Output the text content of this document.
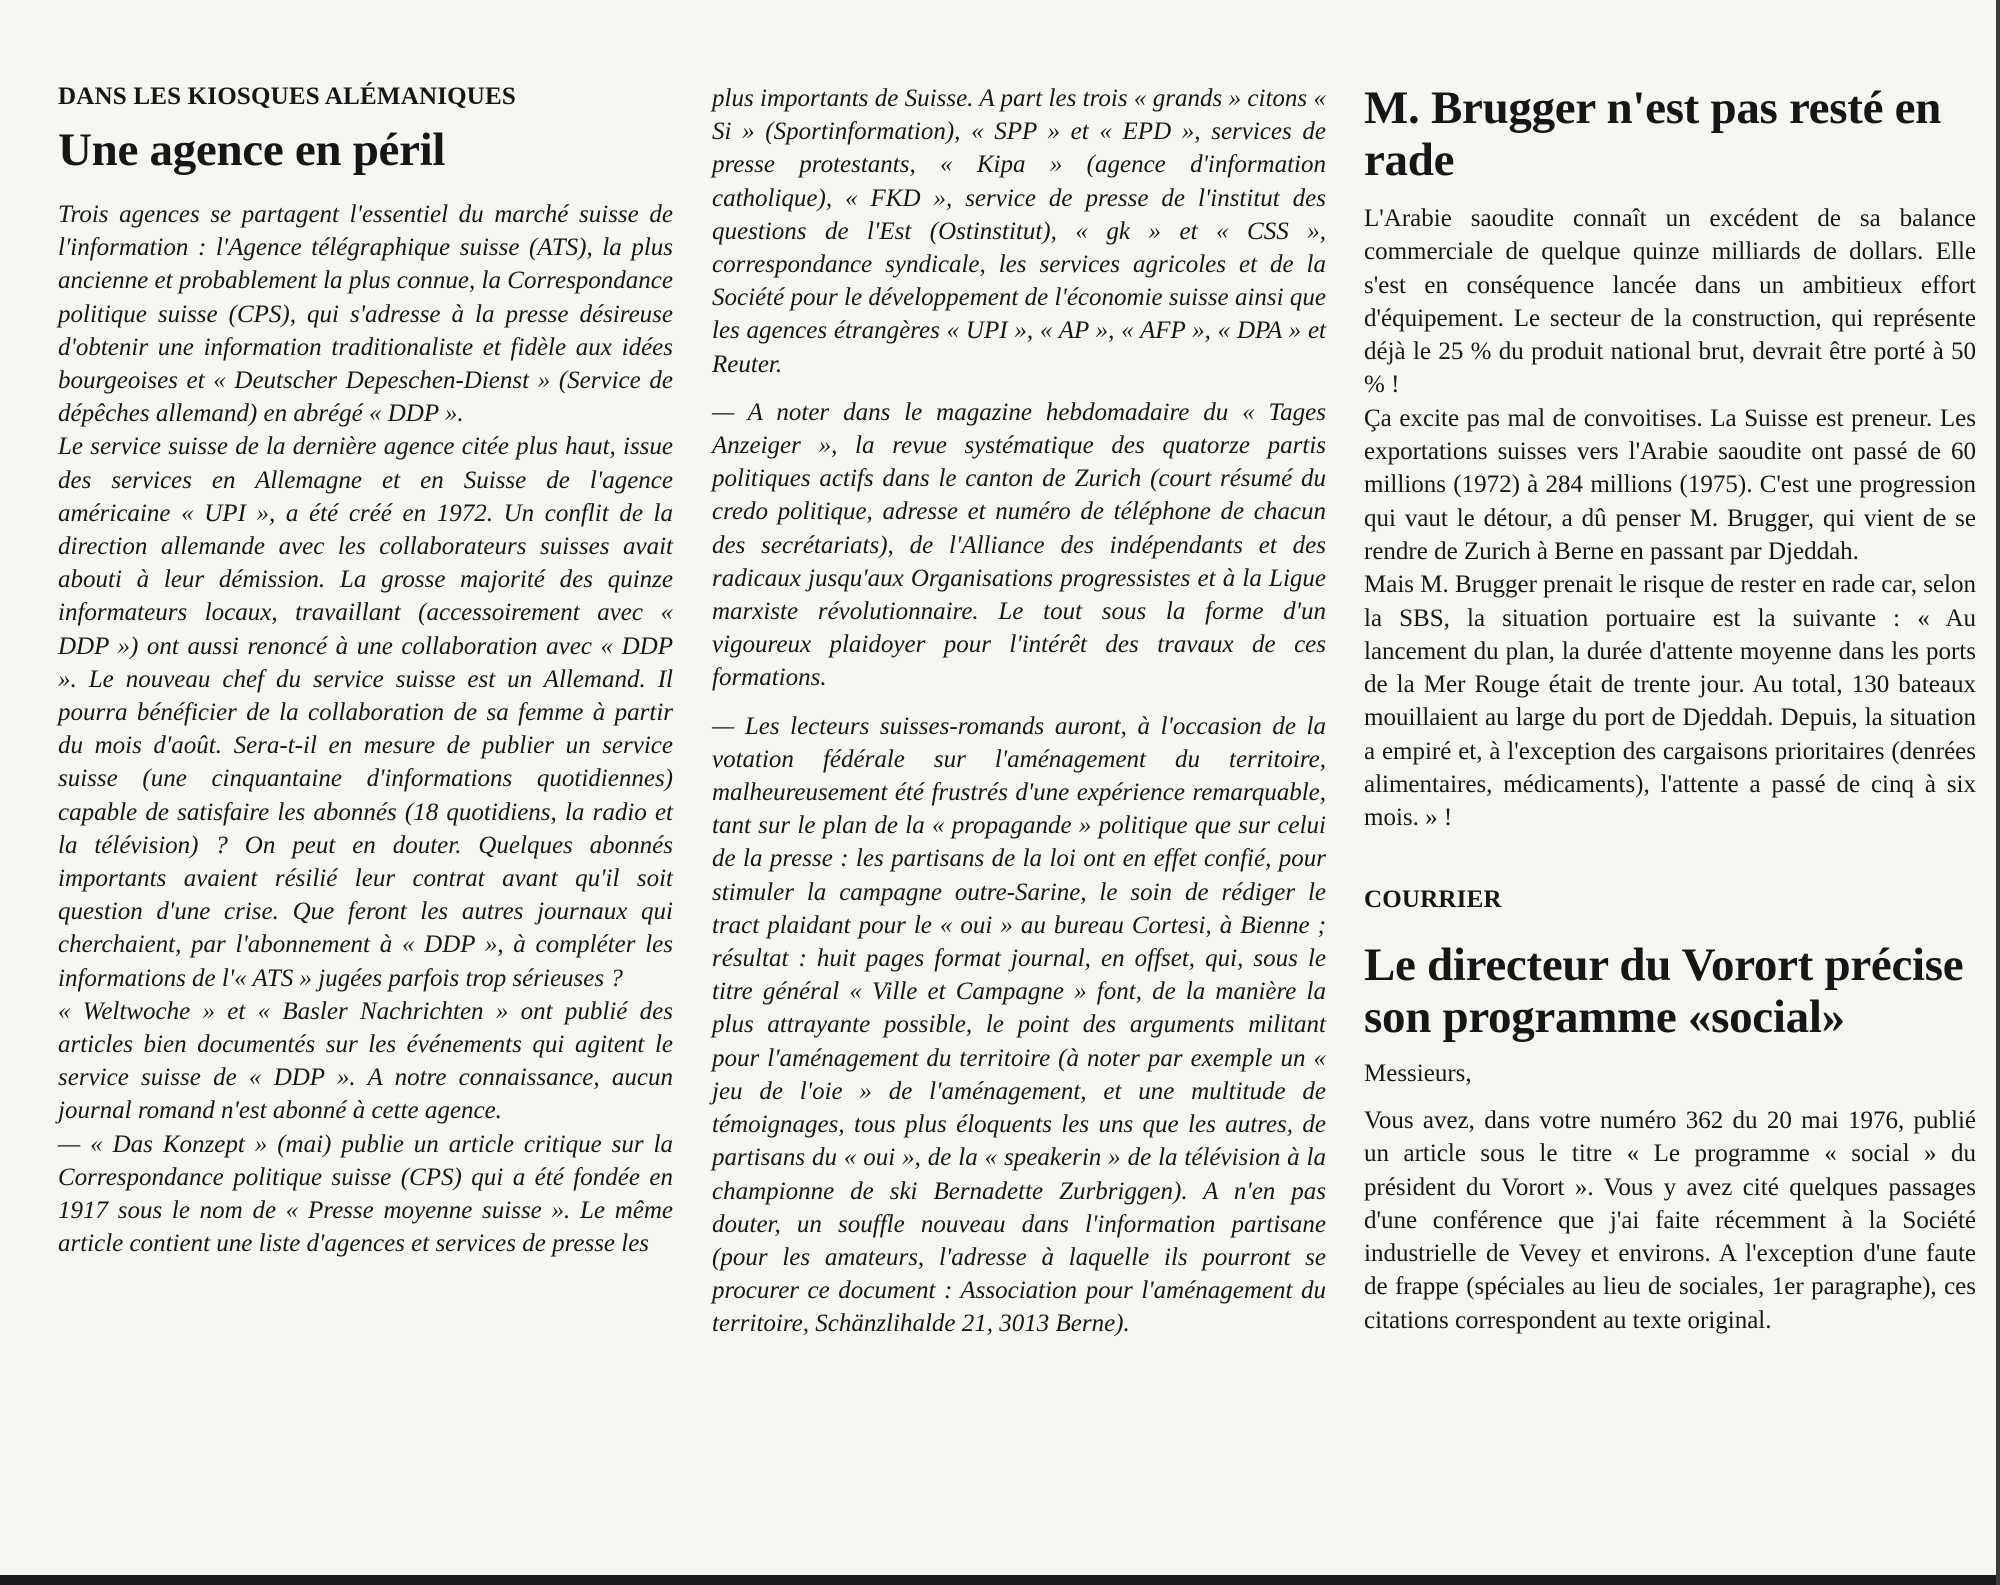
DANS LES KIOSQUES ALÉMANIQUES
Une agence en péril

Trois agences se partagent l'essentiel du marché suisse de l'information : l'Agence télégraphique suisse (ATS), la plus ancienne et probablement la plus connue, la Correspondance politique suisse (CPS), qui s'adresse à la presse désireuse d'obtenir une information traditionaliste et fidèle aux idées bourgeoises et « Deutscher Depeschen-Dienst » (Service de dépêches allemand) en abrégé « DDP ».

Le service suisse de la dernière agence citée plus haut, issue des services en Allemagne et en Suisse de l'agence américaine « UPI », a été créé en 1972. Un conflit de la direction allemande avec les collaborateurs suisses avait abouti à leur démission. La grosse majorité des quinze informateurs locaux, travaillant (accessoirement avec « DDP ») ont aussi renoncé à une collaboration avec « DDP ». Le nouveau chef du service suisse est un Allemand. Il pourra bénéficier de la collaboration de sa femme à partir du mois d'août. Sera-t-il en mesure de publier un service suisse (une cinquantaine d'informations quotidiennes) capable de satisfaire les abonnés (18 quotidiens, la radio et la télévision) ? On peut en douter. Quelques abonnés importants avaient résilié leur contrat avant qu'il soit question d'une crise. Que feront les autres journaux qui cherchaient, par l'abonnement à « DDP », à compléter les informations de l'« ATS » jugées parfois trop sérieuses ?

« Weltwoche » et « Basler Nachrichten » ont publié des articles bien documentés sur les événements qui agitent le service suisse de « DDP ». A notre connaissance, aucun journal romand n'est abonné à cette agence.

— « Das Konzept » (mai) publie un article critique sur la Correspondance politique suisse (CPS) qui a été fondée en 1917 sous le nom de « Presse moyenne suisse ». Le même article contient une liste d'agences et services de presse les

plus importants de Suisse. A part les trois « grands » citons « Si » (Sportinformation), « SPP » et « EPD », services de presse protestants, « Kipa » (agence d'information catholique), « FKD », service de presse de l'institut des questions de l'Est (Ostinstitut), « gk » et « CSS », correspondance syndicale, les services agricoles et de la Société pour le développement de l'économie suisse ainsi que les agences étrangères « UPI », « AP », « AFP », « DPA » et Reuter.

— A noter dans le magazine hebdomadaire du « Tages Anzeiger », la revue systématique des quatorze partis politiques actifs dans le canton de Zurich (court résumé du credo politique, adresse et numéro de téléphone de chacun des secrétariats), de l'Alliance des indépendants et des radicaux jusqu'aux Organisations progressistes et à la Ligue marxiste révolutionnaire. Le tout sous la forme d'un vigoureux plaidoyer pour l'intérêt des travaux de ces formations.

— Les lecteurs suisses-romands auront, à l'occasion de la votation fédérale sur l'aménagement du territoire, malheureusement été frustrés d'une expérience remarquable, tant sur le plan de la « propagande » politique que sur celui de la presse : les partisans de la loi ont en effet confié, pour stimuler la campagne outre-Sarine, le soin de rédiger le tract plaidant pour le « oui » au bureau Cortesi, à Bienne ; résultat : huit pages format journal, en offset, qui, sous le titre général « Ville et Campagne » font, de la manière la plus attrayante possible, le point des arguments militant pour l'aménagement du territoire (à noter par exemple un « jeu de l'oie » de l'aménagement, et une multitude de témoignages, tous plus éloquents les uns que les autres, de partisans du « oui », de la « speakerin » de la télévision à la championne de ski Bernadette Zurbriggen). A n'en pas douter, un souffle nouveau dans l'information partisane (pour les amateurs, l'adresse à laquelle ils pourront se procurer ce document : Association pour l'aménagement du territoire, Schänzlihalde 21, 3013 Berne).

M. Brugger n'est pas resté en rade

L'Arabie saoudite connaît un excédent de sa balance commerciale de quelque quinze milliards de dollars. Elle s'est en conséquence lancée dans un ambitieux effort d'équipement. Le secteur de la construction, qui représente déjà le 25 % du produit national brut, devrait être porté à 50 % !

Ça excite pas mal de convoitises. La Suisse est preneur. Les exportations suisses vers l'Arabie saoudite ont passé de 60 millions (1972) à 284 millions (1975). C'est une progression qui vaut le détour, a dû penser M. Brugger, qui vient de se rendre de Zurich à Berne en passant par Djeddah.

Mais M. Brugger prenait le risque de rester en rade car, selon la SBS, la situation portuaire est la suivante : « Au lancement du plan, la durée d'attente moyenne dans les ports de la Mer Rouge était de trente jour. Au total, 130 bateaux mouillaient au large du port de Djeddah. Depuis, la situation a empiré et, à l'exception des cargaisons prioritaires (denrées alimentaires, médicaments), l'attente a passé de cinq à six mois. » !

COURRIER
Le directeur du Vorort précise son programme «social»

Messieurs,

Vous avez, dans votre numéro 362 du 20 mai 1976, publié un article sous le titre « Le programme « social » du président du Vorort ». Vous y avez cité quelques passages d'une conférence que j'ai faite récemment à la Société industrielle de Vevey et environs. A l'exception d'une faute de frappe (spéciales au lieu de sociales, 1er paragraphe), ces citations correspondent au texte original.
